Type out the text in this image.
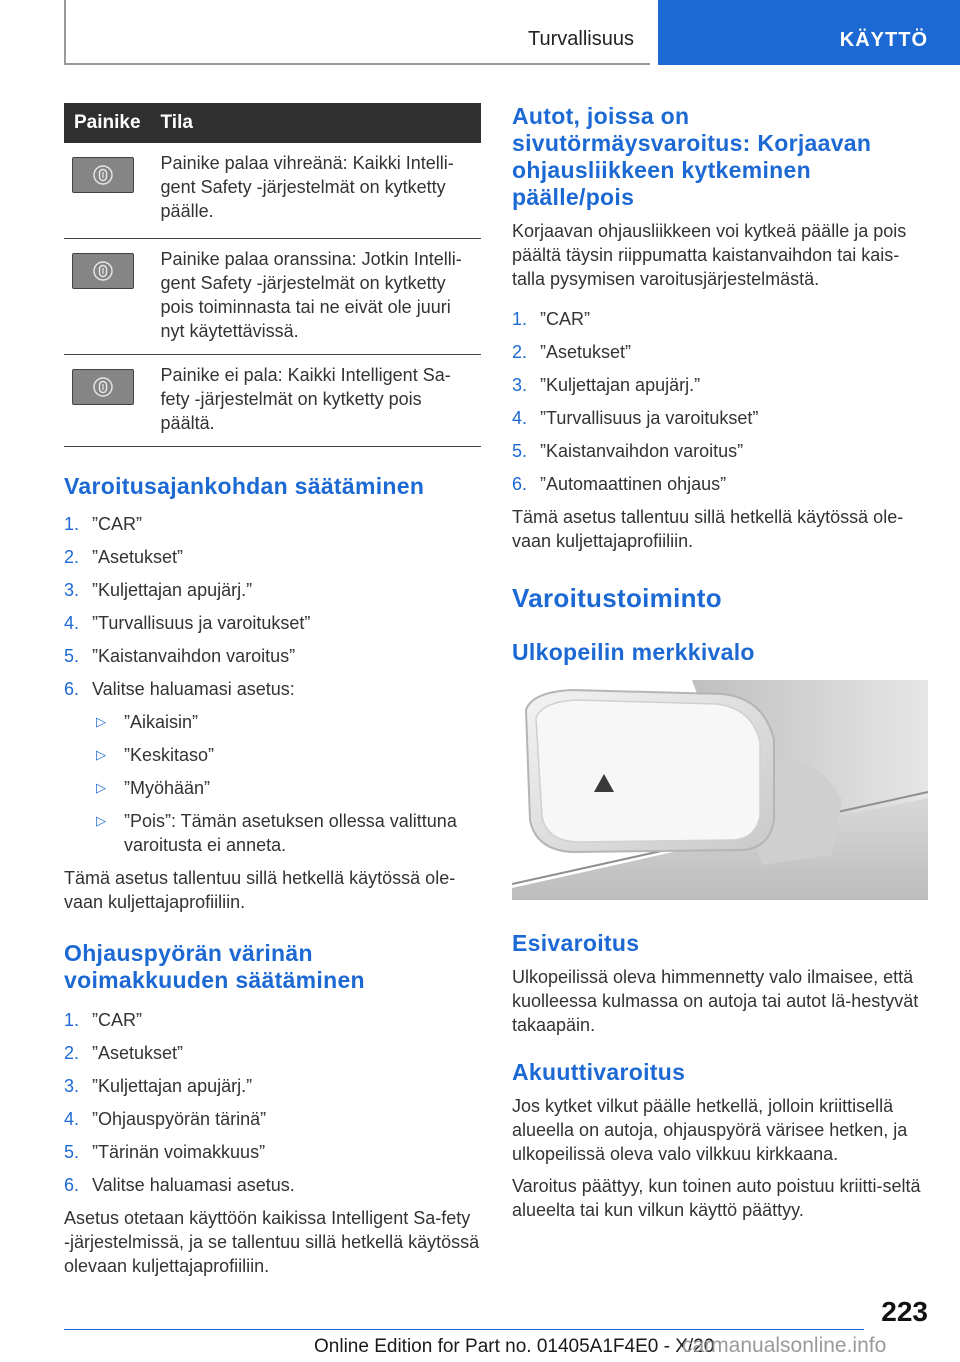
Turvallisuus	KÄYTTÖ
Painike	Tila

Painike palaa vihreänä: Kaikki Intelli-
gent Safety -järjestelmät on kytketty
päälle.

Painike palaa oranssina: Jotkin Intelli-
gent Safety -järjestelmät on kytketty
pois toiminnasta tai ne eivät ole juuri
nyt käytettävissä.

Painike ei pala: Kaikki Intelligent Sa-
fety -järjestelmät on kytketty pois
päältä.
Varoitusajankohdan säätäminen
1. ”CAR”
2. ”Asetukset”
3. ”Kuljettajan apujärj.”
4. ”Turvallisuus ja varoitukset”
5. ”Kaistanvaihdon varoitus”
6. Valitse haluamasi asetus:
▷	”Aikaisin”
▷	”Keskitaso”
▷	”Myöhään”
▷	”Pois”: Tämän asetuksen ollessa valittuna varoitusta ei anneta.

Tämä asetus tallentuu sillä hetkellä käytössä ole-vaan kuljettajaprofiiliin.

Ohjauspyörän värinän voimakkuuden säätäminen
1. ”CAR”
2. ”Asetukset”
3. ”Kuljettajan apujärj.”
4. ”Ohjauspyörän tärinä”
5. ”Tärinän voimakkuus”
6. Valitse haluamasi asetus.

Asetus otetaan käyttöön kaikissa Intelligent Sa-fety -järjestelmissä, ja se tallentuu sillä hetkellä käytössä olevaan kuljettajaprofiiliin.

Autot, joissa on sivutörmäysvaroitus: Korjaavan ohjausliikkeen kytkeminen päälle/pois

Korjaavan ohjausliikkeen voi kytkeä päälle ja pois päältä täysin riippumatta kaistanvaihdon tai kais-talla pysymisen varoitusjärjestelmästä.

1. ”CAR”
2. ”Asetukset”
3. ”Kuljettajan apujärj.”
4. ”Turvallisuus ja varoitukset”
5. ”Kaistanvaihdon varoitus”
6. ”Automaattinen ohjaus”

Tämä asetus tallentuu sillä hetkellä käytössä ole-vaan kuljettajaprofiiliin.

Varoitustoiminto
Ulkopeilin merkkivalo
Esivaroitus

Ulkopeilissä oleva himmennetty valo ilmaisee, että kuolleessa kulmassa on autoja tai autot lä-hestyvät takaapäin.

Akuuttivaroitus

Jos kytket vilkut päälle hetkellä, jolloin kriittisellä alueella on autoja, ohjauspyörä värisee hetken, ja ulkopeilissä oleva valo vilkkuu kirkkaana.

Varoitus päättyy, kun toinen auto poistuu kriitti-seltä alueelta tai kun vilkun käyttö päättyy.

223
Online Edition for Part no. 01405A1F4E0 - X/20
carmanualsonline.info
